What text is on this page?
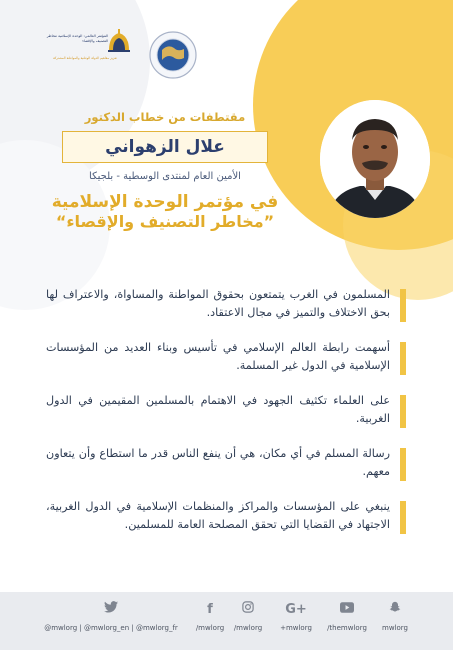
المؤتمر العالمي: الوحدة الإسلامية مخاطر التصنيف والإقصاء
تعزيز مفاهيم الدولة الوطنية والمواطنة المشتركة
مقتطفات من خطاب الدكتور
علال الزهواني
الأمين العام لمنتدى الوسطية - بلجيكا
في مؤتمر الوحدة الإسلامية
”مخاطر التصنيف والإقصاء“
المسلمون في الغرب يتمتعون بحقوق المواطنة والمساواة، والاعتراف لها بحق الاختلاف والتميز في مجال الاعتقاد.
أسهمت رابطة العالم الإسلامي في تأسيس وبناء العديد من المؤسسات الإسلامية في الدول غير المسلمة.
على العلماء تكثيف الجهود في الاهتمام بالمسلمين المقيمين في الدول الغربية.
رسالة المسلم في أي مكان، هي أن ينفع الناس قدر ما استطاع وأن يتعاون معهم.
ينبغي على المؤسسات والمراكز والمنظمات الإسلامية في الدول الغربية، الاجتهاد في القضايا التي تحقق المصلحة العامة للمسلمين.
@mwlorg | @mwlorg_en | @mwlorg_fr
f
/mwlorg /mwlorg
G+
+mwlorg	/themwlorg	mwlorg
